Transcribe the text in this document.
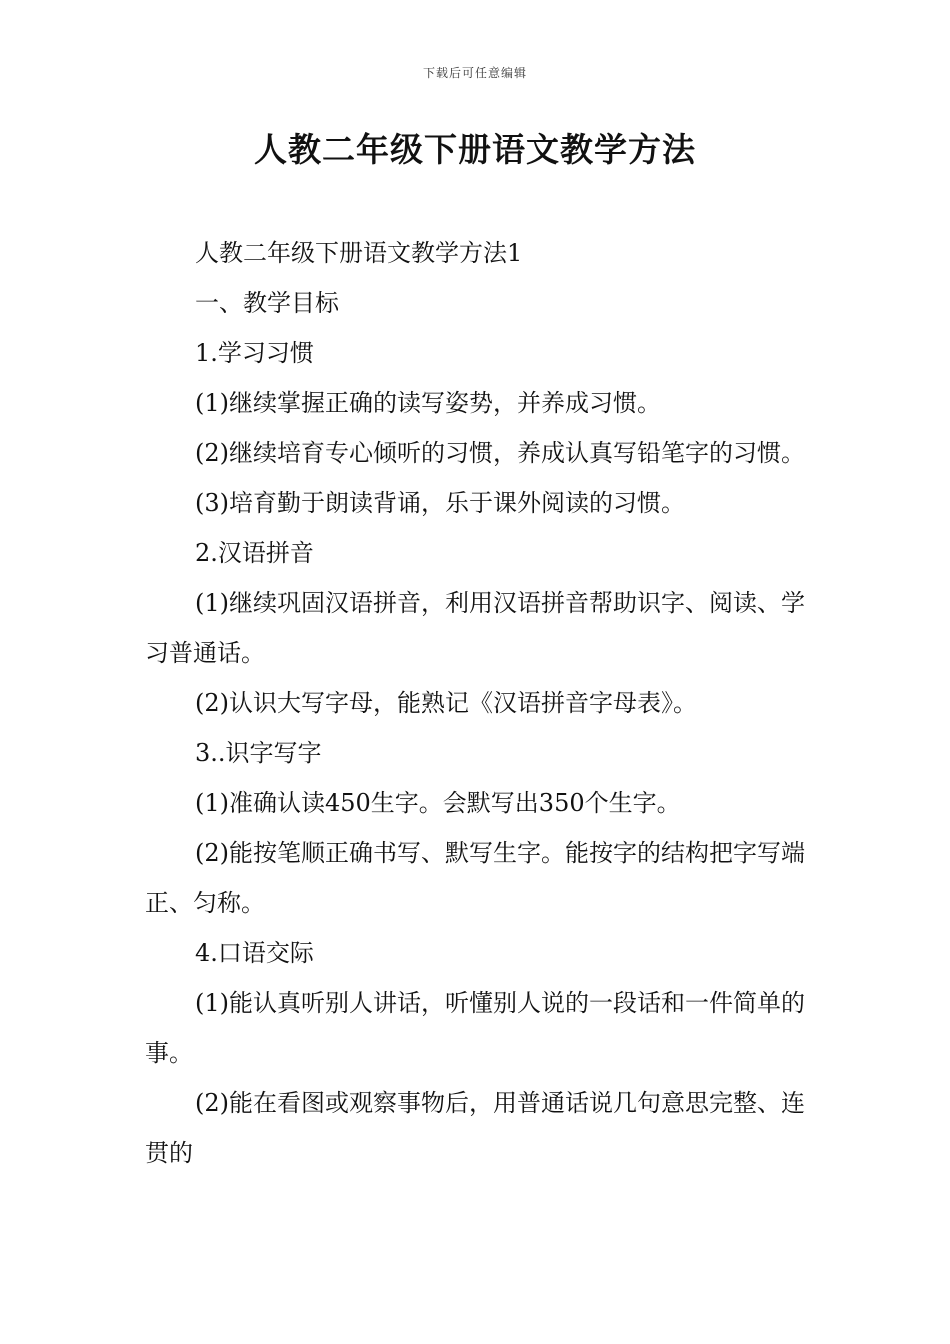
下载后可任意编辑
人教二年级下册语文教学方法

人教二年级下册语文教学方法1

一、教学目标

1.学习习惯

(1)继续掌握正确的读写姿势，并养成习惯。

(2)继续培育专心倾听的习惯，养成认真写铅笔字的习惯。

(3)培育勤于朗读背诵，乐于课外阅读的习惯。

2.汉语拼音

(1)继续巩固汉语拼音，利用汉语拼音帮助识字、阅读、学习普通话。

(2)认识大写字母，能熟记《汉语拼音字母表》。

3..识字写字

(1)准确认读450生字。会默写出350个生字。

(2)能按笔顺正确书写、默写生字。能按字的结构把字写端正、匀称。

4.口语交际

(1)能认真听别人讲话，听懂别人说的一段话和一件简单的事。

(2)能在看图或观察事物后，用普通话说几句意思完整、连贯的
